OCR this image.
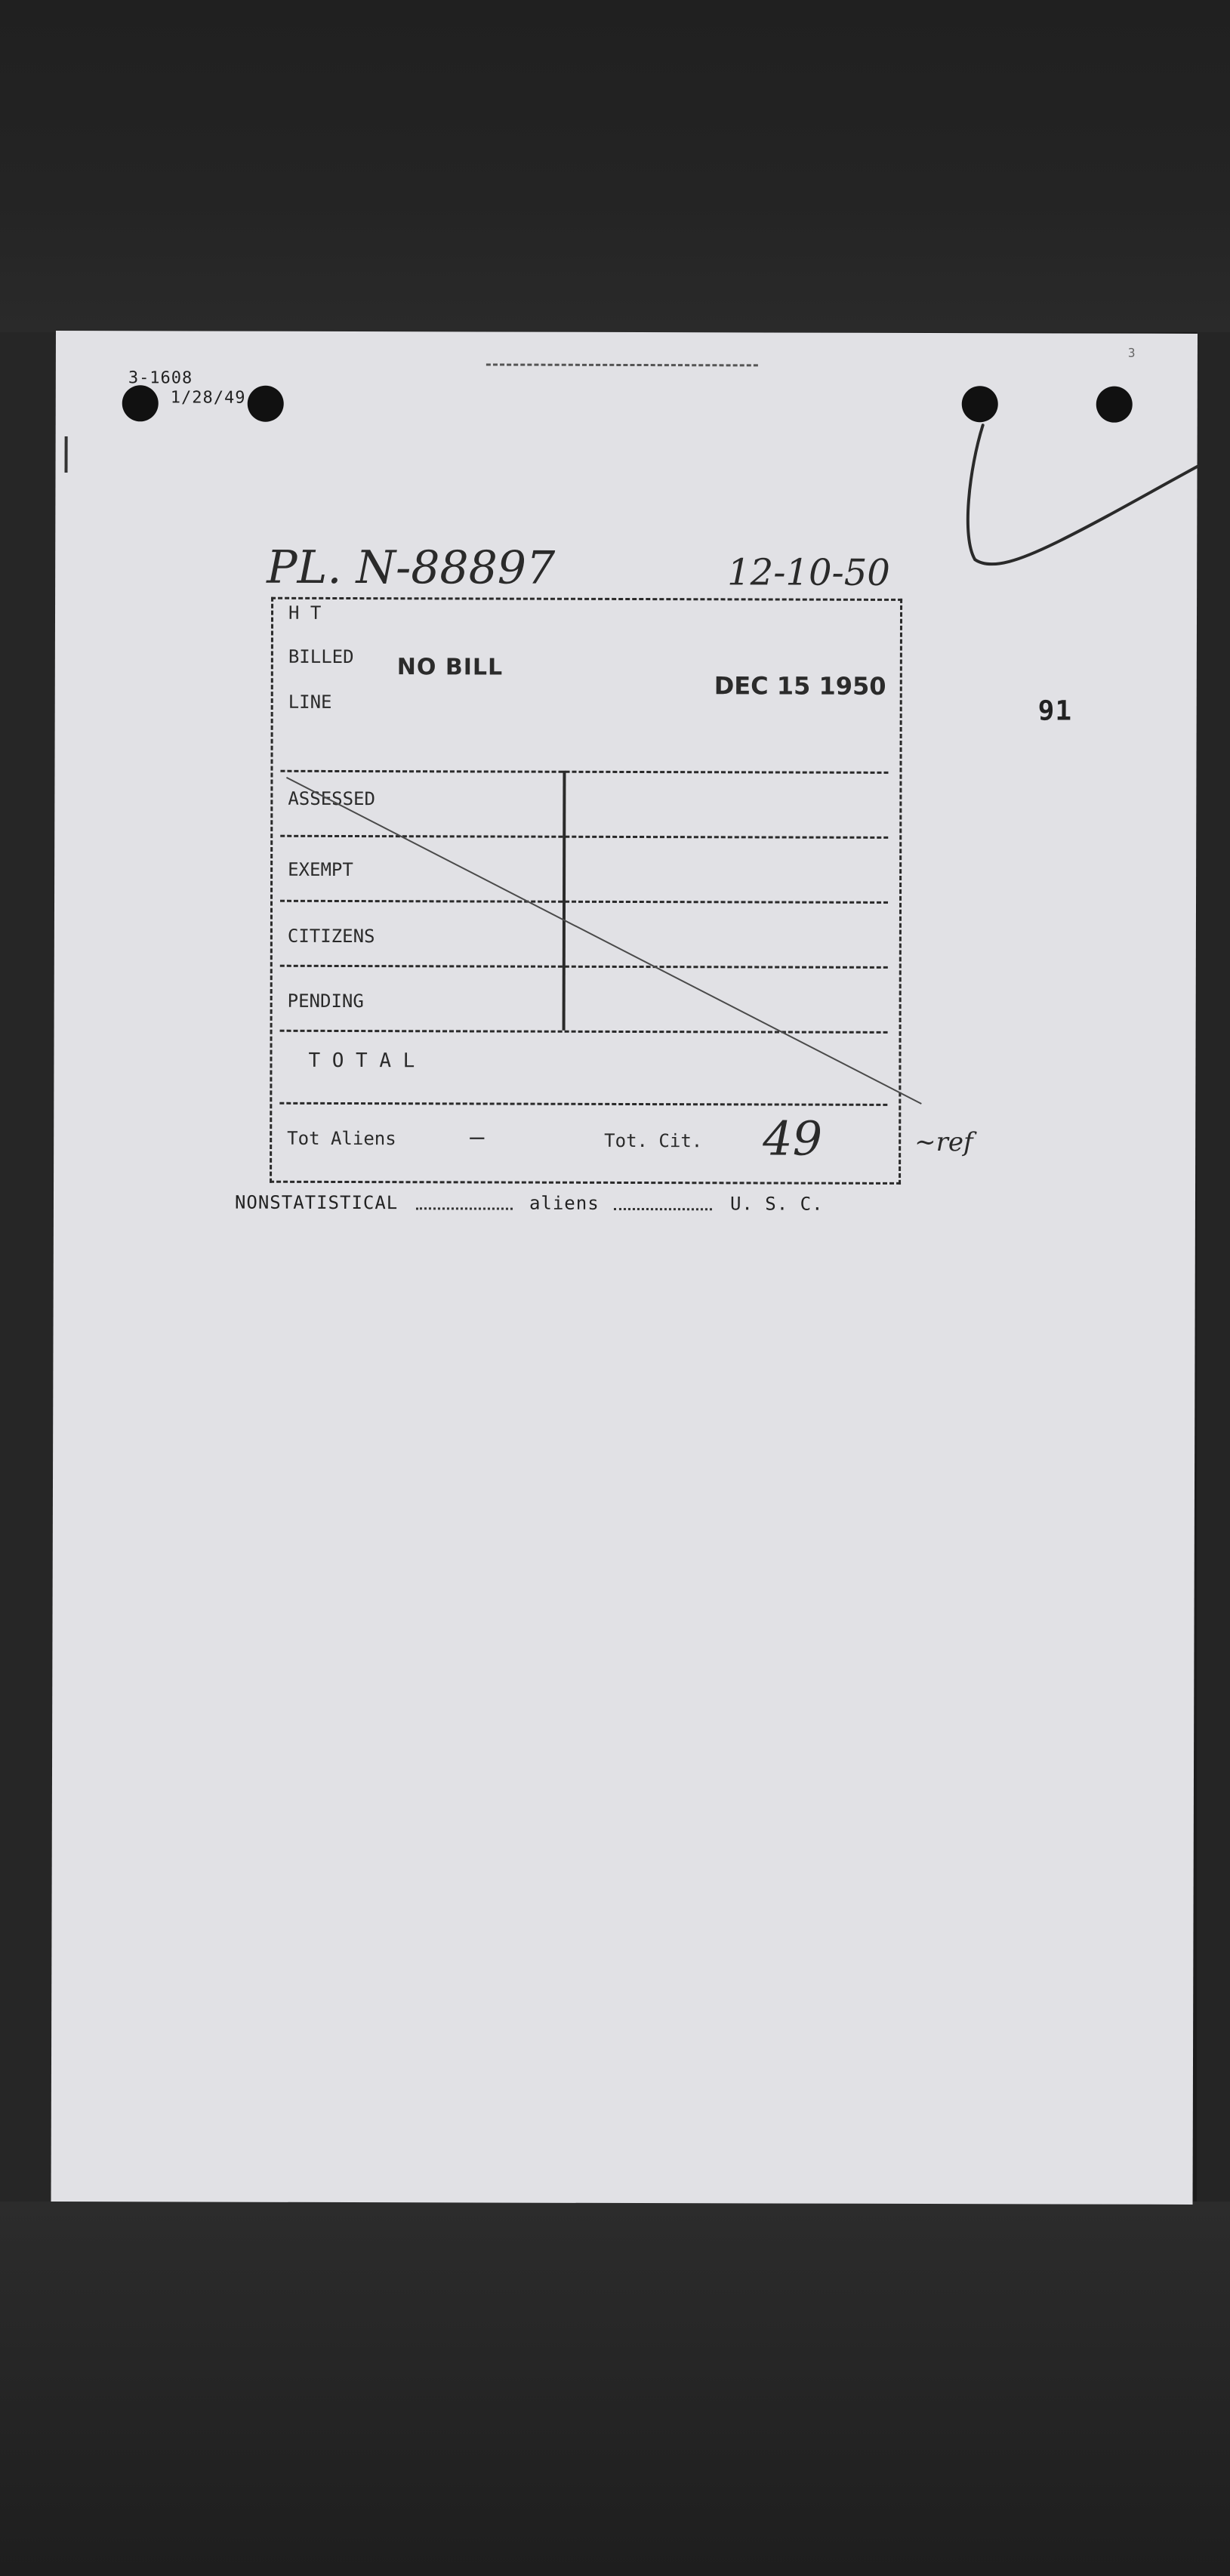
3-1608
1/28/49
3
PL. N-88897	12-10-50
91
H T
BILLED
LINE
NO BILL
DEC 15 1950
ASSESSED
EXEMPT
CITIZENS
PENDING
T O T A L
Tot Aliens	—	Tot. Cit. 49	~ref
NONSTATISTICAL	aliens	U. S. C.
